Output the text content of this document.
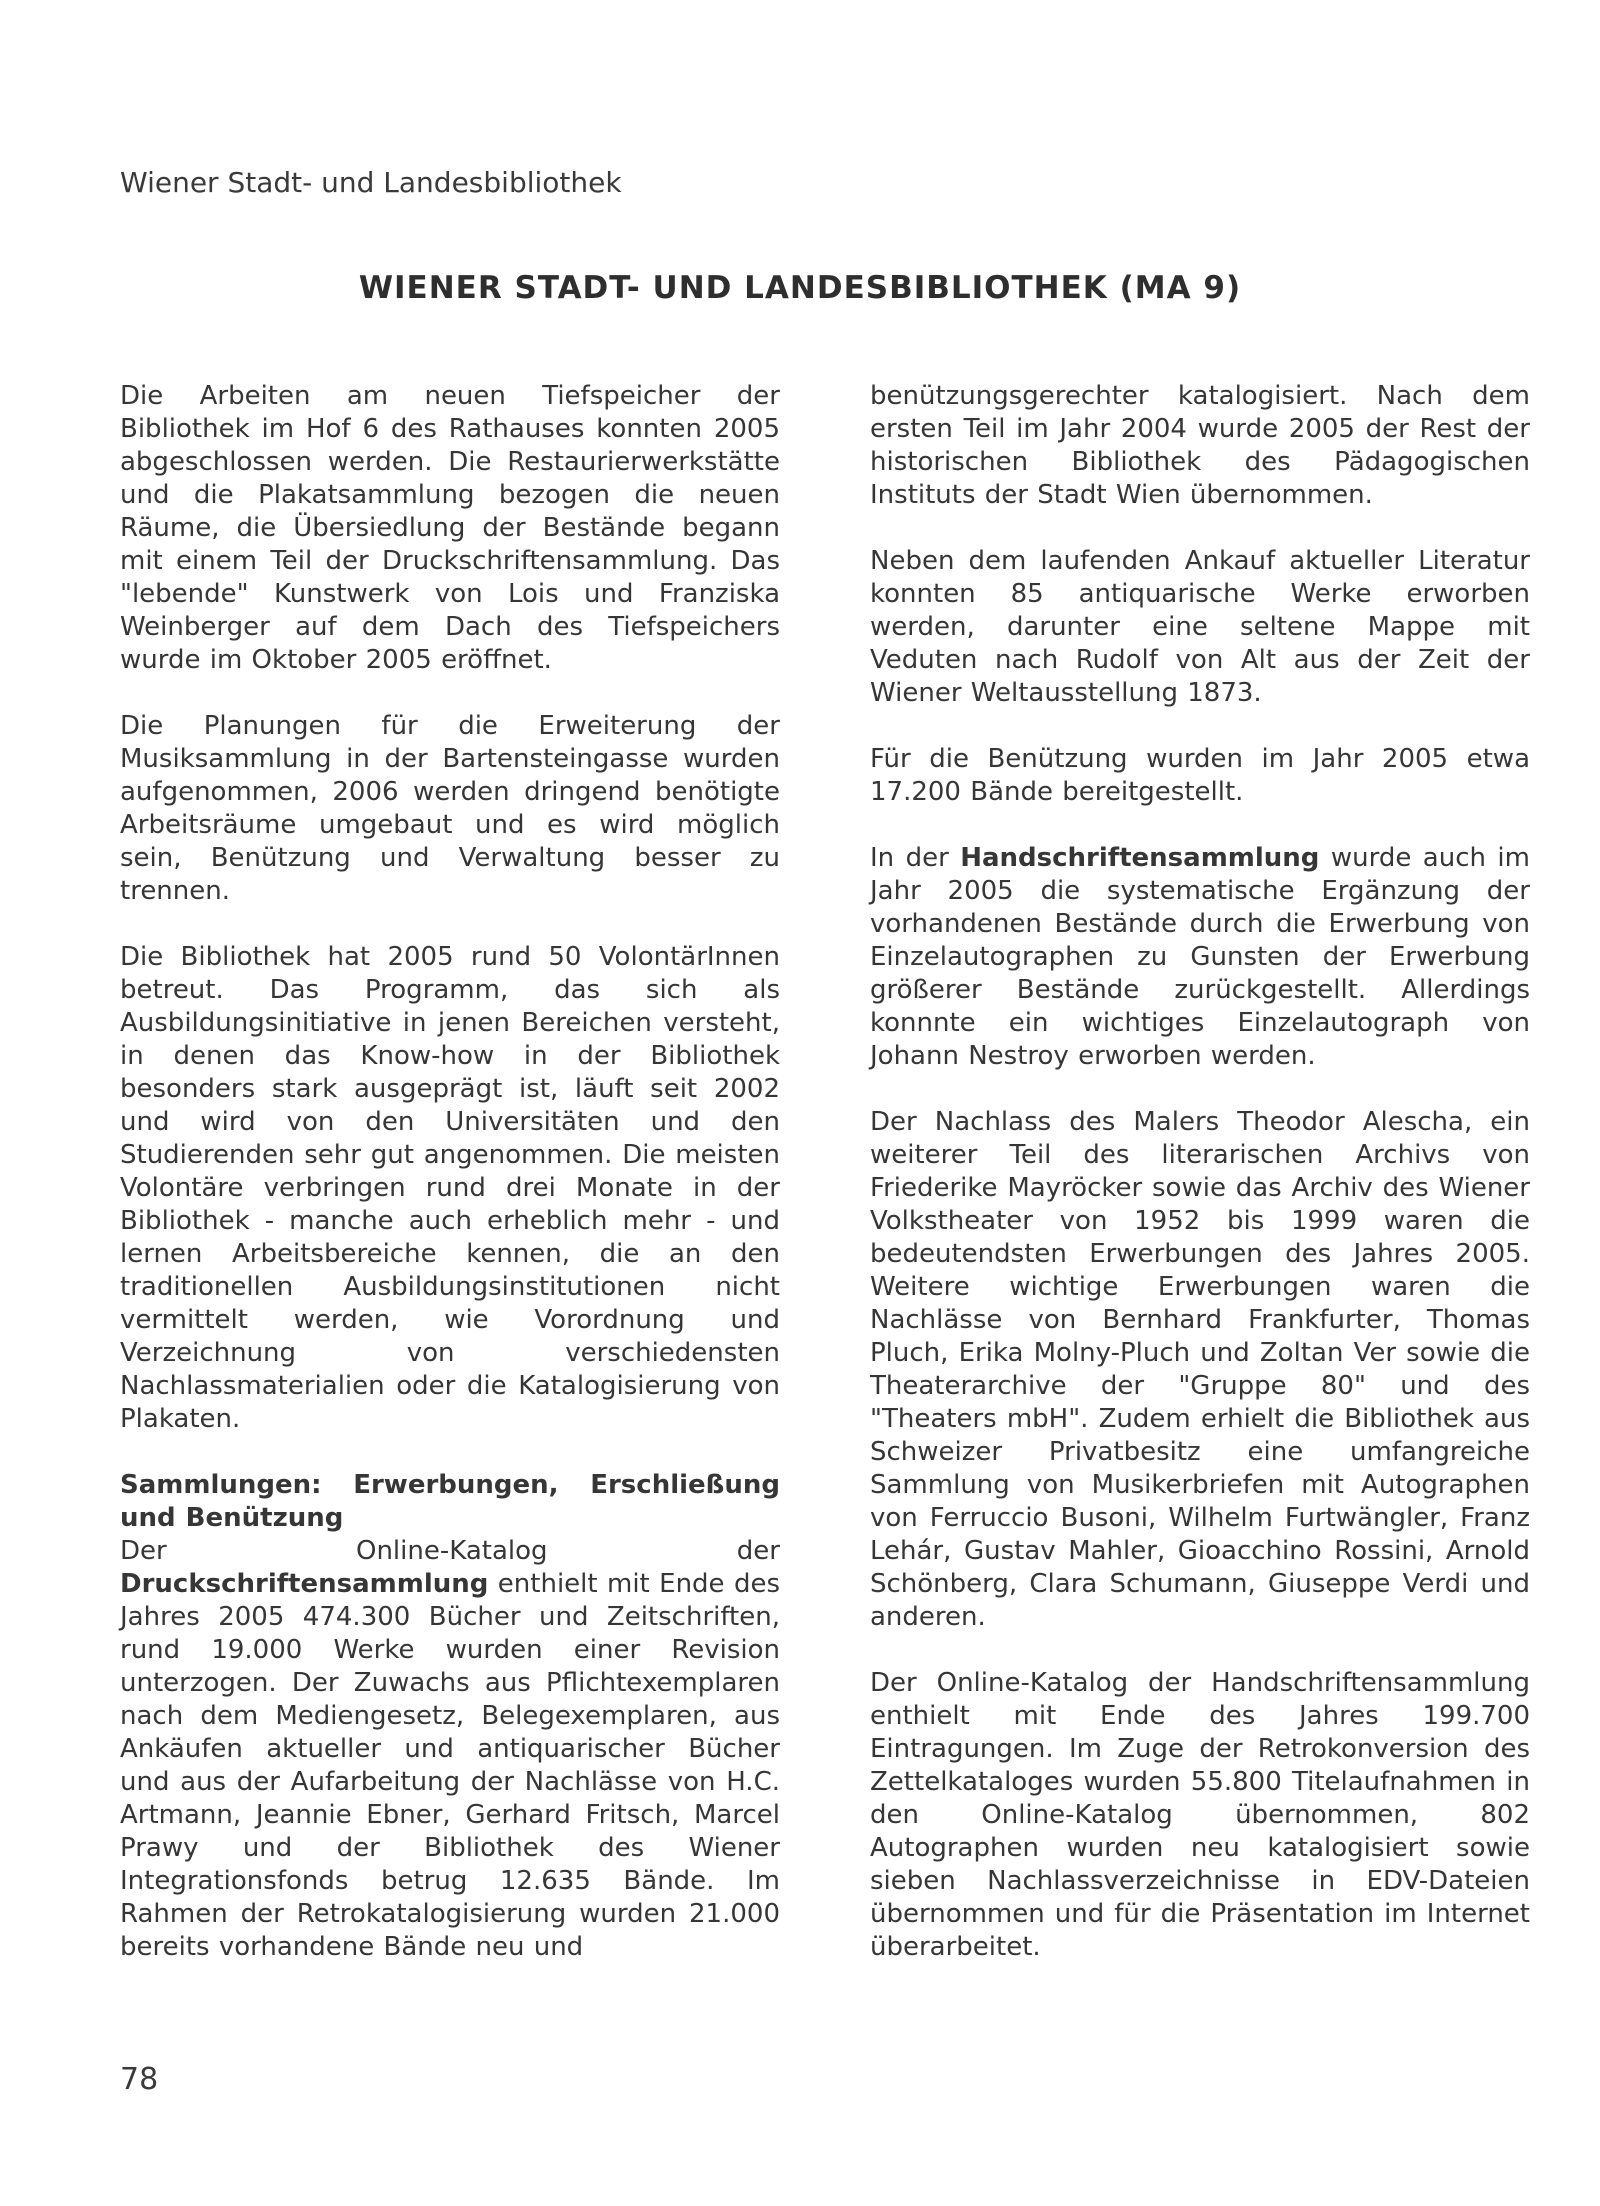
Wiener Stadt- und Landesbibliothek
WIENER STADT- UND LANDESBIBLIOTHEK (MA 9)

Die Arbeiten am neuen Tiefspeicher der Bibliothek im Hof 6 des Rathauses konnten 2005 abgeschlossen werden. Die Restaurierwerkstätte und die Plakatsammlung bezogen die neuen Räume, die Übersiedlung der Bestände begann mit einem Teil der Druckschriftensammlung. Das "lebende" Kunstwerk von Lois und Franziska Weinberger auf dem Dach des Tiefspeichers wurde im Oktober 2005 eröffnet.

Die Planungen für die Erweiterung der Musiksammlung in der Bartensteingasse wurden aufgenommen, 2006 werden dringend benötigte Arbeitsräume umgebaut und es wird möglich sein, Benützung und Verwaltung besser zu trennen.

Die Bibliothek hat 2005 rund 50 VolontärInnen betreut. Das Programm, das sich als Ausbildungsinitiative in jenen Bereichen versteht, in denen das Know-how in der Bibliothek besonders stark ausgeprägt ist, läuft seit 2002 und wird von den Universitäten und den Studierenden sehr gut angenommen. Die meisten Volontäre verbringen rund drei Monate in der Bibliothek - manche auch erheblich mehr - und lernen Arbeitsbereiche kennen, die an den traditionellen Ausbildungsinstitutionen nicht vermittelt werden, wie Vorordnung und Verzeichnung von verschiedensten Nachlassmaterialien oder die Katalogisierung von Plakaten.

Sammlungen: Erwerbungen, Erschließung und Benützung

Der Online-Katalog der Druckschriftensammlung enthielt mit Ende des Jahres 2005 474.300 Bücher und Zeitschriften, rund 19.000 Werke wurden einer Revision unterzogen. Der Zuwachs aus Pflichtexemplaren nach dem Mediengesetz, Belegexemplaren, aus Ankäufen aktueller und antiquarischer Bücher und aus der Aufarbeitung der Nachlässe von H.C. Artmann, Jeannie Ebner, Gerhard Fritsch, Marcel Prawy und der Bibliothek des Wiener Integrationsfonds betrug 12.635 Bände. Im Rahmen der Retrokatalogisierung wurden 21.000 bereits vorhandene Bände neu und

benützungsgerechter katalogisiert. Nach dem ersten Teil im Jahr 2004 wurde 2005 der Rest der historischen Bibliothek des Pädagogischen Instituts der Stadt Wien übernommen.

Neben dem laufenden Ankauf aktueller Literatur konnten 85 antiquarische Werke erworben werden, darunter eine seltene Mappe mit Veduten nach Rudolf von Alt aus der Zeit der Wiener Weltausstellung 1873.

Für die Benützung wurden im Jahr 2005 etwa 17.200 Bände bereitgestellt.

In der Handschriftensammlung wurde auch im Jahr 2005 die systematische Ergänzung der vorhandenen Bestände durch die Erwerbung von Einzelautographen zu Gunsten der Erwerbung größerer Bestände zurückgestellt. Allerdings konnnte ein wichtiges Einzelautograph von Johann Nestroy erworben werden.

Der Nachlass des Malers Theodor Alescha, ein weiterer Teil des literarischen Archivs von Friederike Mayröcker sowie das Archiv des Wiener Volkstheater von 1952 bis 1999 waren die bedeutendsten Erwerbungen des Jahres 2005. Weitere wichtige Erwerbungen waren die Nachlässe von Bernhard Frankfurter, Thomas Pluch, Erika Molny-Pluch und Zoltan Ver sowie die Theaterarchive der "Gruppe 80" und des "Theaters mbH". Zudem erhielt die Bibliothek aus Schweizer Privatbesitz eine umfangreiche Sammlung von Musikerbriefen mit Autographen von Ferruccio Busoni, Wilhelm Furtwängler, Franz Lehár, Gustav Mahler, Gioacchino Rossini, Arnold Schönberg, Clara Schumann, Giuseppe Verdi und anderen.

Der Online-Katalog der Handschriftensammlung enthielt mit Ende des Jahres 199.700 Eintragungen. Im Zuge der Retrokonversion des Zettelkataloges wurden 55.800 Titelaufnahmen in den Online-Katalog übernommen, 802 Autographen wurden neu katalogisiert sowie sieben Nachlassverzeichnisse in EDV-Dateien übernommen und für die Präsentation im Internet überarbeitet.

78
